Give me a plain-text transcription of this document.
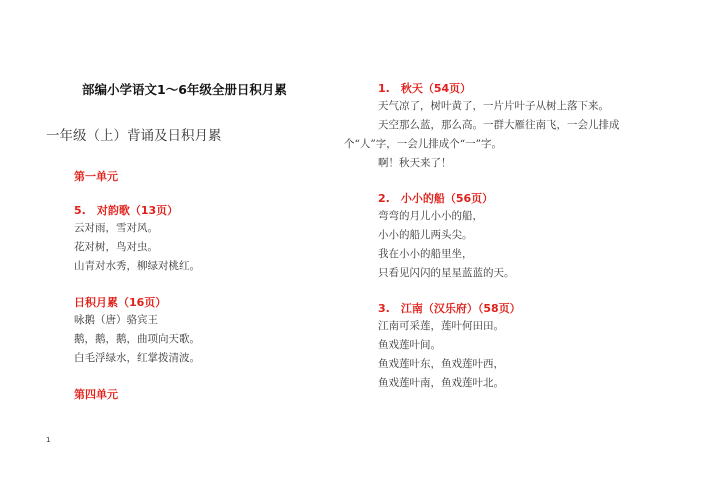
部编小学语文1～6年级全册日积月累
一年级（上）背诵及日积月累
第一单元
5.　对韵歌（13页）
云对雨，雪对风。
花对树，鸟对虫。
山青对水秀，柳绿对桃红。
日积月累（16页）
咏鹅（唐）骆宾王
鹅，鹅，鹅，曲项向天歌。
白毛浮绿水，红掌拨清波。
第四单元
1
1.　秋天（54页）
天气凉了，树叶黄了，一片片叶子从树上落下来。
天空那么蓝，那么高。一群大雁往南飞，一会儿排成
个“人”字，一会儿排成个“一”字。
啊！秋天来了！
2.　小小的船（56页）
弯弯的月儿小小的船，
小小的船儿两头尖。
我在小小的船里坐，
只看见闪闪的星星蓝蓝的天。
3.　江南（汉乐府）（58页）
江南可采莲，莲叶何田田。
鱼戏莲叶间。
鱼戏莲叶东，鱼戏莲叶西，
鱼戏莲叶南，鱼戏莲叶北。
